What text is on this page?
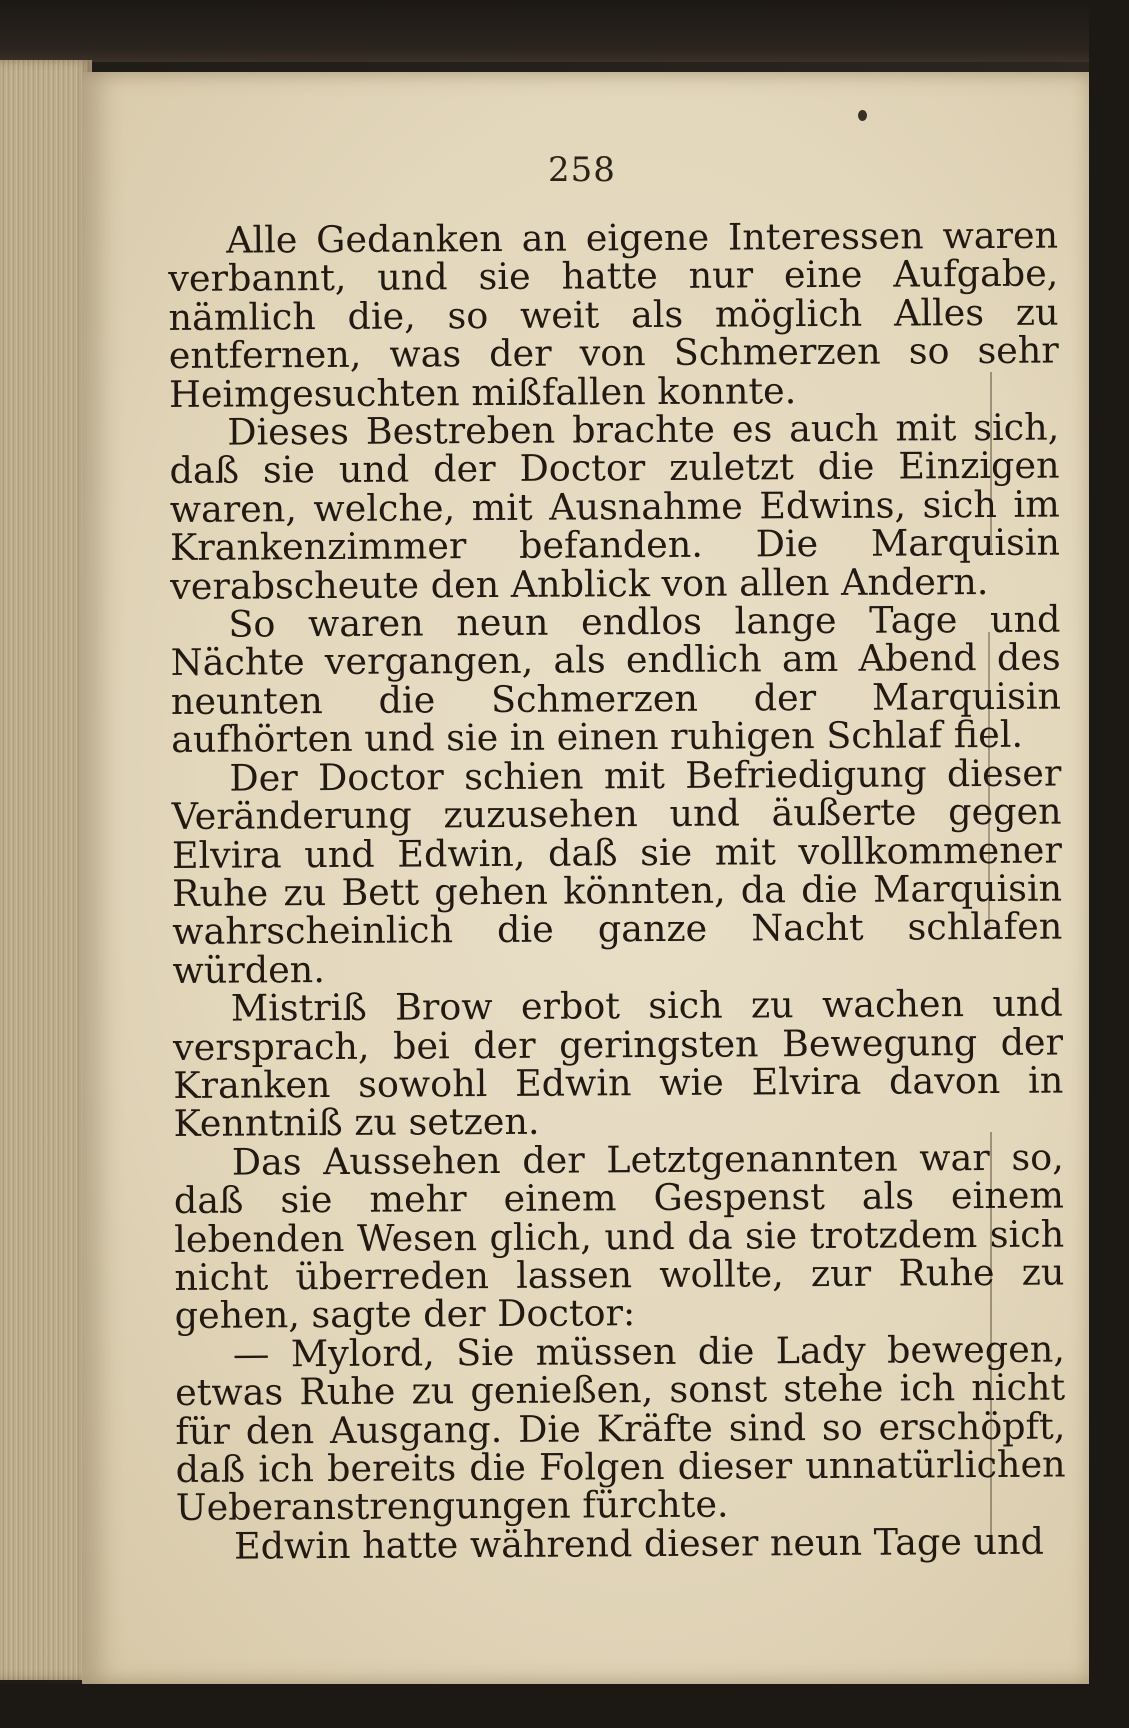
258

Alle Gedanken an eigene Interessen waren verbannt, und sie hatte nur eine Aufgabe, nämlich die, so weit als möglich Alles zu entfernen, was der von Schmerzen so sehr Heimgesuchten mißfallen konnte.

Dieses Bestreben brachte es auch mit sich, daß sie und der Doctor zuletzt die Einzigen waren, welche, mit Ausnahme Edwins, sich im Krankenzimmer befanden. Die Marquisin verabscheute den Anblick von allen Andern.

So waren neun endlos lange Tage und Nächte vergangen, als endlich am Abend des neunten die Schmerzen der Marquisin aufhörten und sie in einen ruhigen Schlaf fiel.

Der Doctor schien mit Befriedigung dieser Veränderung zuzusehen und äußerte gegen Elvira und Edwin, daß sie mit vollkommener Ruhe zu Bett gehen könnten, da die Marquisin wahrscheinlich die ganze Nacht schlafen würden.

Mistriß Brow erbot sich zu wachen und versprach, bei der geringsten Bewegung der Kranken sowohl Edwin wie Elvira davon in Kenntniß zu setzen.

Das Aussehen der Letztgenannten war so, daß sie mehr einem Gespenst als einem lebenden Wesen glich, und da sie trotzdem sich nicht überreden lassen wollte, zur Ruhe zu gehen, sagte der Doctor:

— Mylord, Sie müssen die Lady bewegen, etwas Ruhe zu genießen, sonst stehe ich nicht für den Ausgang. Die Kräfte sind so erschöpft, daß ich bereits die Folgen dieser unnatürlichen Ueberanstrengungen fürchte.

Edwin hatte während dieser neun Tage und
